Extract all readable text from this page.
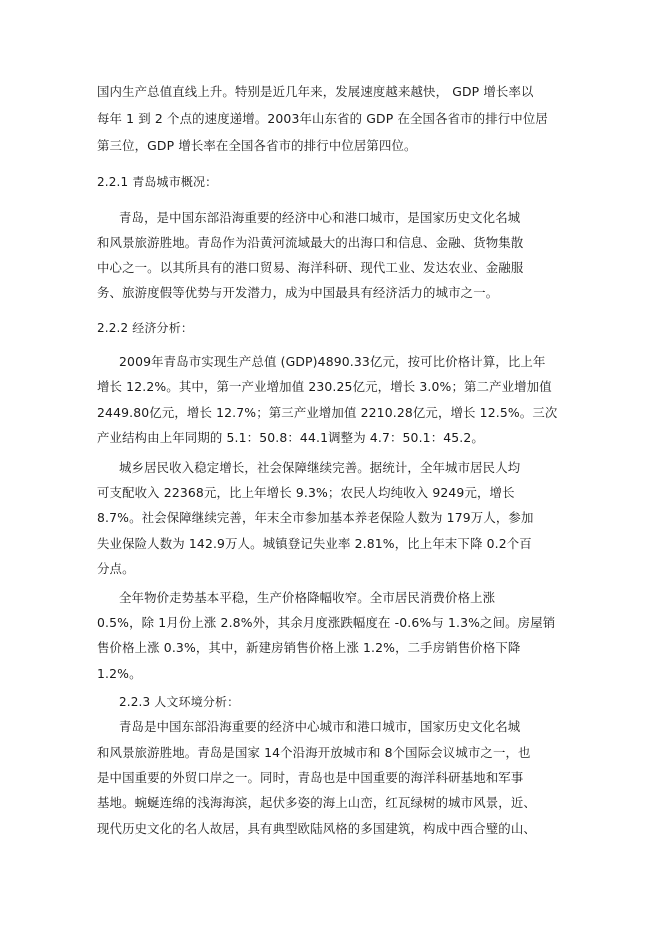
国内生产总值直线上升。特别是近几年来，发展速度越来越快， GDP 增长率以
每年 1 到 2 个点的速度递增。2003年山东省的 GDP 在全国各省市的排行中位居
第三位，GDP 增长率在全国各省市的排行中位居第四位。
2.2.1 青岛城市概况：
青岛，是中国东部沿海重要的经济中心和港口城市，是国家历史文化名城
和风景旅游胜地。青岛作为沿黄河流域最大的出海口和信息、金融、货物集散
中心之一。以其所具有的港口贸易、海洋科研、现代工业、发达农业、金融服
务、旅游度假等优势与开发潜力，成为中国最具有经济活力的城市之一。
2.2.2 经济分析：
2009年青岛市实现生产总值 (GDP)4890.33亿元，按可比价格计算，比上年
增长 12.2%。其中，第一产业增加值 230.25亿元，增长 3.0%；第二产业增加值
2449.80亿元，增长 12.7%；第三产业增加值 2210.28亿元，增长 12.5%。三次
产业结构由上年同期的 5.1：50.8：44.1调整为 4.7：50.1：45.2。
城乡居民收入稳定增长，社会保障继续完善。据统计，全年城市居民人均
可支配收入 22368元，比上年增长 9.3%；农民人均纯收入 9249元，增长
8.7%。社会保障继续完善，年末全市参加基本养老保险人数为 179万人，参加
失业保险人数为 142.9万人。城镇登记失业率 2.81%，比上年末下降 0.2个百
分点。
全年物价走势基本平稳，生产价格降幅收窄。全市居民消费价格上涨
0.5%，除 1月份上涨 2.8%外，其余月度涨跌幅度在 -0.6%与 1.3%之间。房屋销
售价格上涨 0.3%，其中，新建房销售价格上涨 1.2%，二手房销售价格下降
1.2%。
2.2.3 人文环境分析：
青岛是中国东部沿海重要的经济中心城市和港口城市，国家历史文化名城
和风景旅游胜地。青岛是国家 14个沿海开放城市和 8个国际会议城市之一，也
是中国重要的外贸口岸之一。同时，青岛也是中国重要的海洋科研基地和军事
基地。蜿蜒连绵的浅海海滨，起伏多姿的海上山峦，红瓦绿树的城市风景，近、
现代历史文化的名人故居，具有典型欧陆风格的多国建筑，构成中西合璧的山、
